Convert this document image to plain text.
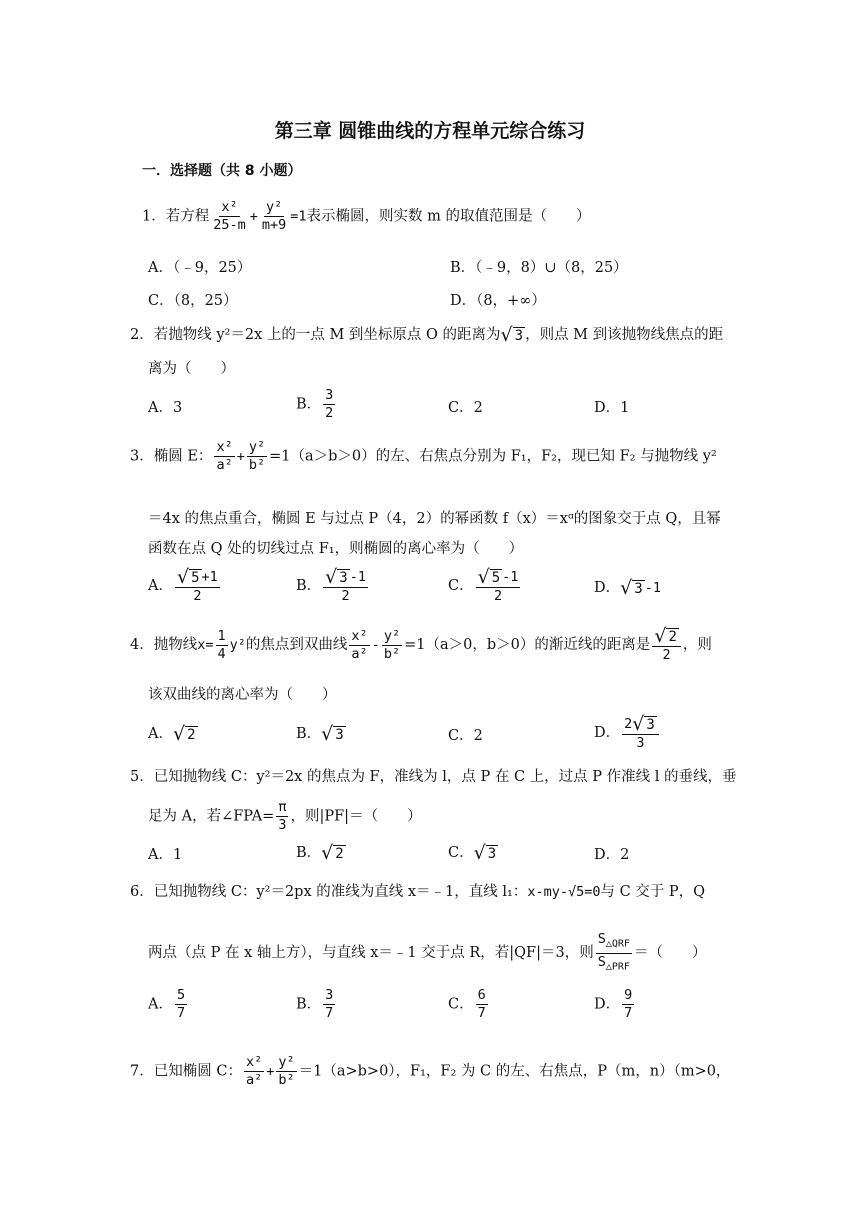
第三章 圆锥曲线的方程单元综合练习
一．选择题（共 8 小题）
1．若方程 $\frac{\text{x²}}{25-m} + \frac{\text{y²}}{m+9} =1$表示椭圆，则实数 m 的取值范围是（　　）
A．（﹣9，25）	B．（﹣9，8）∪（8，25）
C．（8，25）	D．（8，+∞）
2．若抛物线 y²＝2x 上的一点 M 到坐标原点 O 的距离为 √ 3 ，则点 M 到该抛物线焦点的距
离为（　　）
A．3	B． $\frac{3}{2}$	C．2	D．1
3．椭圆 E： $\frac{\text{x²}}{\text{a²}} + \frac{\text{y²}}{\text{b²}} =1(a>b>0)$的左、右焦点分别为 F₁，F₂，现已知 F₂ 与抛物线 y²
＝4x 的焦点重合，椭圆 E 与过点 P（4，2）的幂函数 f（x）＝xᵅ的图象交于点 Q，且幂
函数在点 Q 处的切线过点 F₁，则椭圆的离心率为（　　）
A． $\frac{√ 5 +1}{2}$	B． $\frac{√ 3 -1}{2}$	C． $\frac{√ 5 -1}{2}$	D． √ 3 -1
4．抛物线$x= \frac{1}{4} y^2$的焦点到双曲线 $\frac{\text{x²}}{\text{a²}} - \frac{\text{y²}}{\text{b²}} =1(a>0$，b＞0）的渐近线的距离是 $\frac{√ 2}{2}$ ，则
该双曲线的离心率为（　　）
A． √ 2	B． √ 3	C．2	D． $\frac{2 √ 3}{3}$
5．已知抛物线 C：y²＝2x 的焦点为 F，准线为 l，点 P 在 C 上，过点 P 作准线 l 的垂线，垂
足为 A，若∠FPA= $\frac{\pi}{3}$ ，则|PF|＝（　　）
A．1	B． √ 2	C． √ 3	D．2
6．已知抛物线 C：y²＝2px 的准线为直线 x＝﹣1，直线 l₁：x-my-√5=0与 C 交于 P，Q
两点（点 P 在 x 轴上方），与直线 x＝﹣1 交于点 R，若|QF|＝3，则 $\frac{S_{\triangle QRF}}{S_{\triangle PRF}}$ ＝（　　）
A． $\frac{5}{7}$	B． $\frac{3}{7}$	C． $\frac{6}{7}$	D． $\frac{9}{7}$
7．已知椭圆 C： $\frac{\text{x²}}{\text{a²}} + \frac{\text{y²}}{\text{b²}} =1(a>b>0)$，F₁，F₂ 为 C 的左、右焦点，P（m，n）（m>0，
